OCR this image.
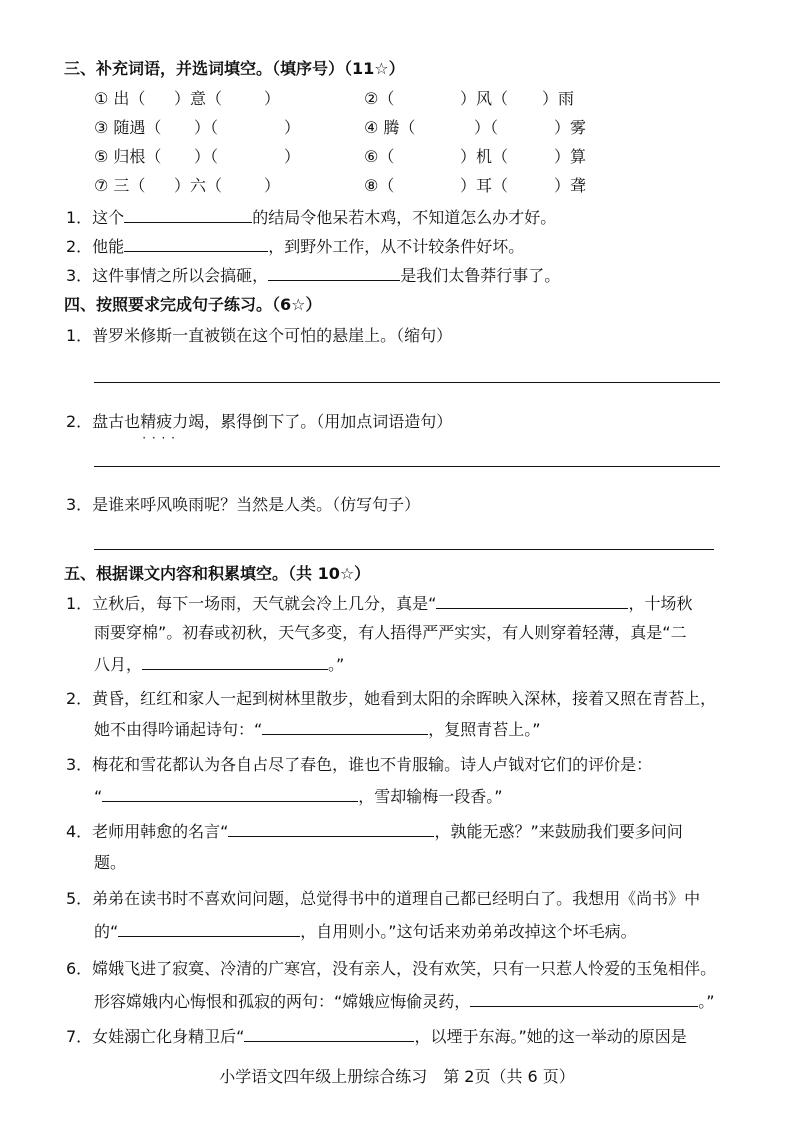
三、补充词语，并选词填空。（填序号）（11☆）
① 出（ ）意（	）	②（	）风（ ）雨
③ 随遇（ ）（	）	④ 腾（	）（	）雾
⑤ 归根（ ）（	）	⑥（	）机（	）算
⑦ 三（ ）六（	）	⑧（	）耳（	）聋
1．这个	的结局令他呆若木鸡，不知道怎么办才好。
2．他能	，到野外工作，从不计较条件好坏。
3．这件事情之所以会搞砸，	是我们太鲁莽行事了。
四、按照要求完成句子练习。（6☆）
1．普罗米修斯一直被锁在这个可怕的悬崖上。（缩句）
2．盘古也精疲力竭 · · · ·，累得倒下了。（用加点词语造句）
3．是谁来呼风唤雨呢？当然是人类。（仿写句子）
五、根据课文内容和积累填空。（共 10☆）
1．立秋后，每下一场雨，天气就会冷上几分，真是“	，十场秋
雨要穿棉”。初春或初秋，天气多变，有人捂得严严实实，有人则穿着轻薄，真是“二
八月，	。”
2．黄昏，红红和家人一起到树林里散步，她看到太阳的余晖映入深林，接着又照在青苔上，
她不由得吟诵起诗句：“	，复照青苔上。”
3．梅花和雪花都认为各自占尽了春色，谁也不肯服输。诗人卢钺对它们的评价是：
“	，雪却输梅一段香。”
4．老师用韩愈的名言“	，孰能无惑？”来鼓励我们要多问问
题。
5．弟弟在读书时不喜欢问问题，总觉得书中的道理自己都已经明白了。我想用《尚书》中
的“	，自用则小。”这句话来劝弟弟改掉这个坏毛病。
6．嫦娥飞进了寂寞、冷清的广寒宫，没有亲人，没有欢笑，只有一只惹人怜爱的玉兔相伴。
形容嫦娥内心悔恨和孤寂的两句：“嫦娥应悔偷灵药，	。”
7．女娃溺亡化身精卫后“	，以堙于东海。”她的这一举动的原因是
小学语文四年级上册综合练习　第 2页（共 6 页）
